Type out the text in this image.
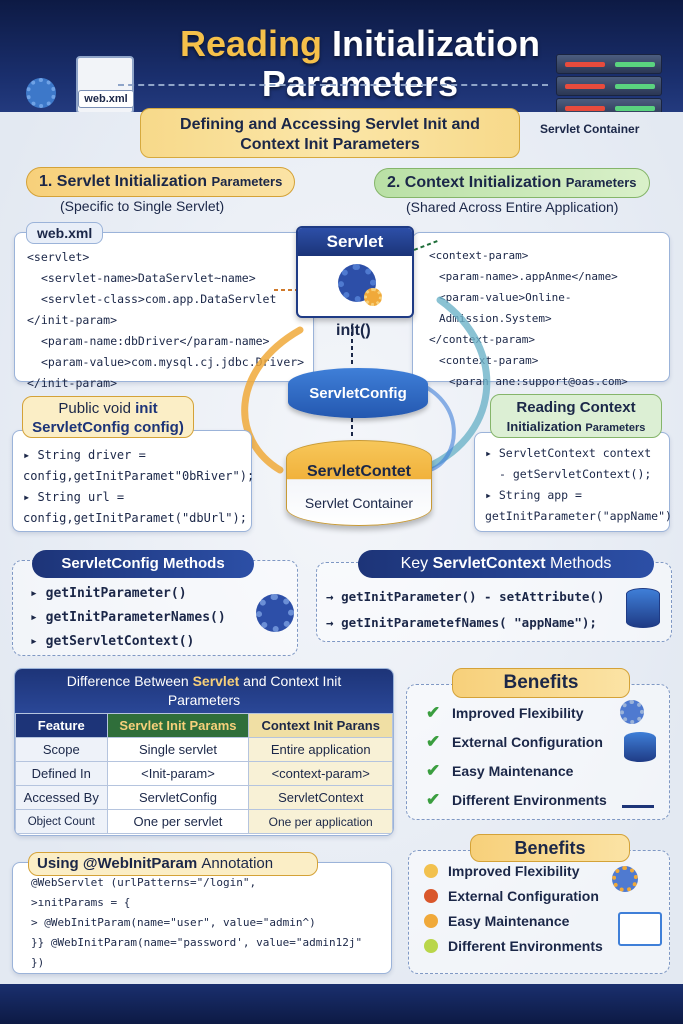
Reading Initialization
Parameters
web.xml
Servlet Container
Defining and Accessing Servlet Init and
Context Init Parameters
1. Servlet Initialization Parameters
(Specific to Single Servlet)
2. Context Initialization Parameters
(Shared Across Entire Application)
<servlet>
<servlet-name>DataServlet~name>
<servlet-class>com.app.DataServlet
</init-param>
<param-name:dbDriver</param-name>
<param-value>com.mysql.cj.jdbc.Driver>
</init-param>
web.xml
<context-param>
<param-name>.appAnme</name>
<param-value>Online-Admission.System>
</context-param>
<context-param>
<paran ane:support@oas.com>
Servlet
init()
ServletConfig
ServletContet
Servlet Container
▸ String driver =
config,getInitParamet"0bRiver");
▸ String url =
config,getInitParamet("dbUrl");
Public void init
ServletConfig config)
▸ ServletContext context
- getServletContext();
▸ String app =
getInitParameter("appName")
Reading Context
Initialization Parameters
ServletConfig Methods
▸ getInitParameter()
▸ getInitParameterNames()
▸ getServletContext()
Key ServletContext Methods
→ getInitParameter() - setAttribute()
→ getInitParametefNames( "appName");
Difference Between Servlet and Context Init
Parameters
Feature	Servlet Init Params	Context Init Parans
Scope	Single servlet	Entire application
Defined In	<Init-param>	<context-param>
Accessed By	ServletConfig	ServletContext
Object Count	One per servlet	One per application
Benefits
✔ Improved Flexibility
✔ External Configuration
✔ Easy Maintenance
✔ Different Environments
@WebServlet (urlPatterns="/login",
>ınitParams = {
> @WebInitParam(name="user", value="admin^)
}} @WebInitParam(name="password', value="admin12j"
})
Using @WebInitParam Annotation
Benefits
Improved Flexibility
External Configuration
Easy Maintenance
Different Environments
